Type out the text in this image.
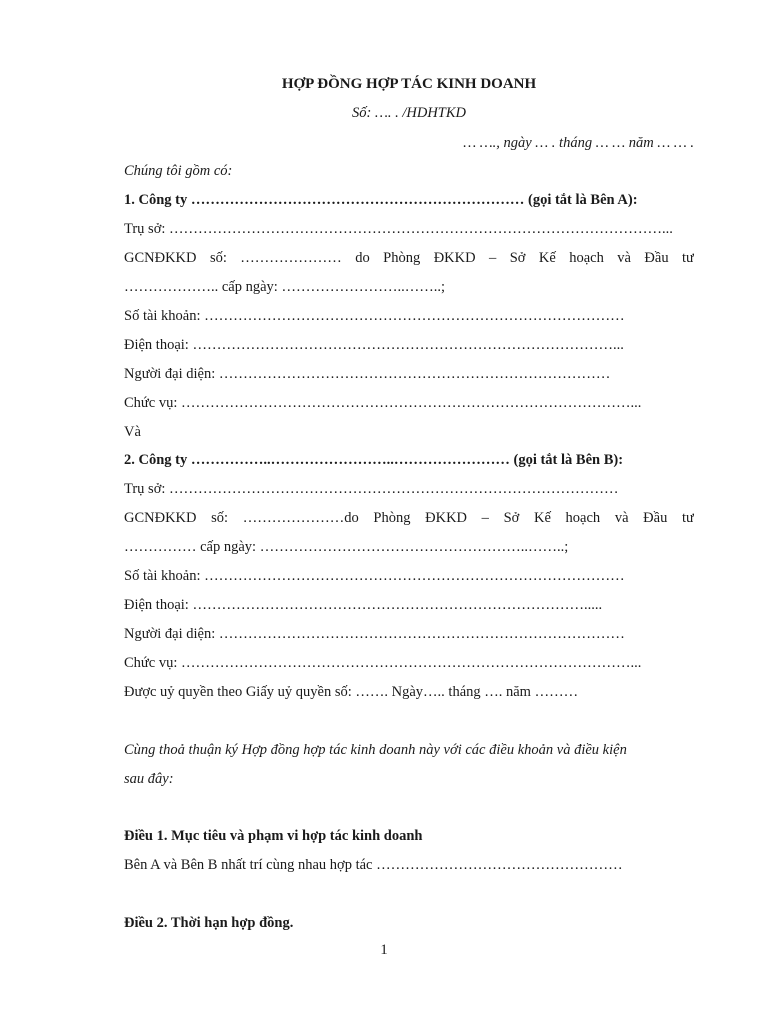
HỢP ĐỒNG HỢP TÁC KINH DOANH
Số: …. . /HDHTKD
… …., ngày … . tháng … … năm … … .
Chúng tôi gồm có:
1. Công ty …………………………………………………………… (gọi tắt là Bên A):
Trụ sở: …………………………………………………………………………………………...
GCNĐKKD số: ………………… do Phòng ĐKKD – Sở Kế hoạch và Đầu tư
……………….. cấp ngày: ……………………..……..;
Số tài khoản: ……………………………………………………………………………
Điện thoại: ……………………………………………………………………………...
Người đại diện: ………………………………………………………………………
Chức vụ: …………………………………………………………………………………...
Và
2. Công ty ……………..……………………..…………………… (gọi tắt là Bên B):
Trụ sở: …………………………………………………………………………………
GCNĐKKD số: …………………do Phòng ĐKKD – Sở Kế hoạch và Đầu tư
…………… cấp ngày: ………………………………………………..……..;
Số tài khoản: ……………………………………………………………………………
Điện thoại: ……………………………………………………………………….....
Người đại diện: …………………………………………………………………………
Chức vụ: …………………………………………………………………………………...
Được uỷ quyền theo Giấy uỷ quyền số: ……. Ngày….. tháng …. năm ………
Cùng thoả thuận ký Hợp đồng hợp tác kinh doanh này với các điều khoản và điều kiện
sau đây:
Điều 1. Mục tiêu và phạm vi hợp tác kinh doanh
Bên A và Bên B nhất trí cùng nhau hợp tác ……………………………………………
Điều 2. Thời hạn hợp đồng.
1
